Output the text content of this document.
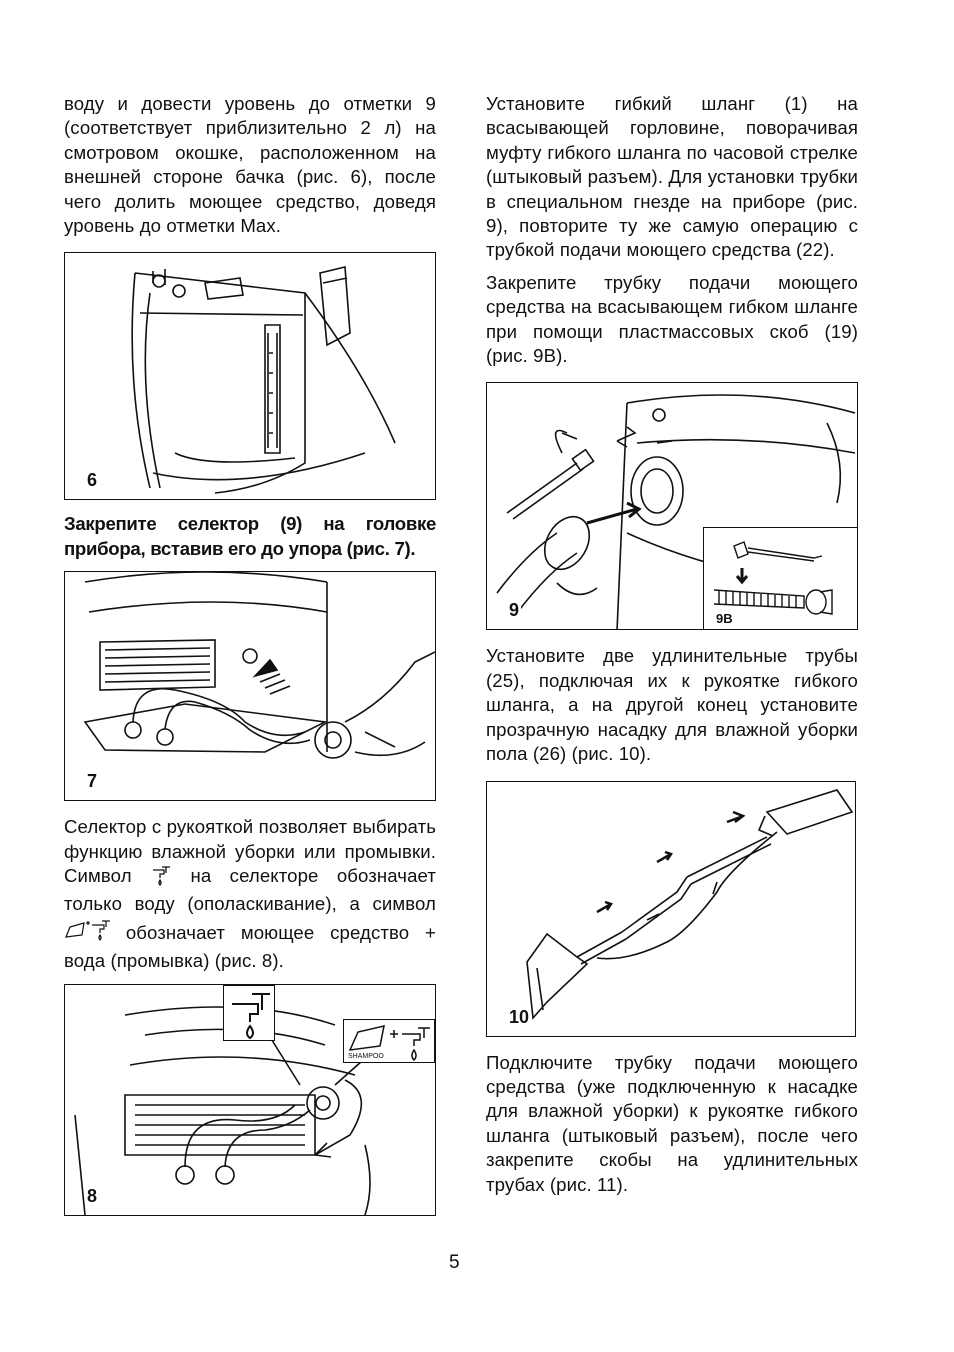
воду и довести уровень до отметки 9 (соответствует приблизительно 2 л) на смотровом окошке, расположенном на внешней стороне бачка (рис. 6), после чего долить моющее средство, доведя уровень до отметки Max.

6

Закрепите селектор (9) на головке прибора, вставив его до упора (рис. 7).

7

Селектор с рукояткой позволяет выбирать функцию влажной уборки или промывки. Символ	на селекторе обозначает только воду (ополаскивание), а символ  обозначает моющее средство + вода (промывка) (рис. 8).

SHAMPOO
8

Установите гибкий шланг (1) на всасывающей горловине, поворачивая муфту гибкого шланга по часовой стрелке (штыковый разъем). Для установки трубки в специальном гнезде на приборе (рис. 9), повторите ту же самую операцию с трубкой подачи моющего средства (22).

Закрепите трубку подачи моющего средства на всасывающем гибком шланге при помощи пластмассовых скоб (19) (рис. 9B).

9B
9

Установите две удлинительные трубы (25), подключая их к рукоятке гибкого шланга, а на другой конец установите прозрачную насадку для влажной уборки пола (26) (рис. 10).

10

Подключите трубку подачи моющего средства (уже подключенную к насадке для влажной уборки) к рукоятке гибкого шланга (штыковый разъем), после чего закрепите скобы на удлинительных трубах (рис. 11).

5
